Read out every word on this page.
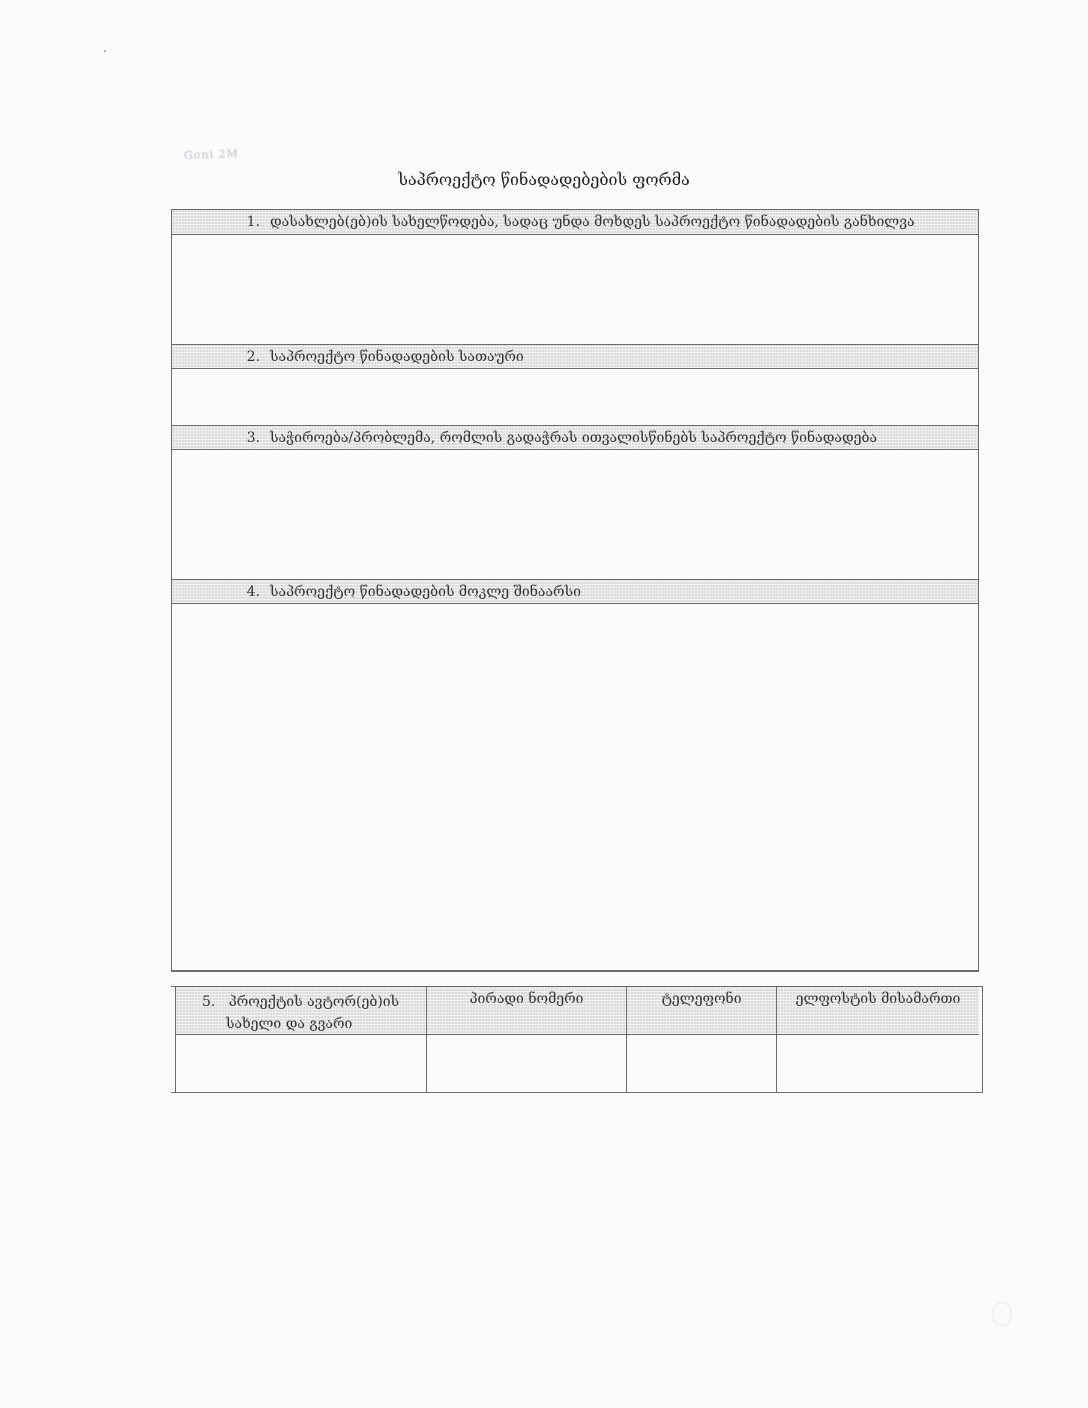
Goni 2M
საპროექტო წინადადებების ფორმა
1. დასახლებ(ებ)ის სახელწოდება, სადაც უნდა მოხდეს საპროექტო წინადადების განხილვა
2. საპროექტო წინადადების სათაური
3. საჭიროება/პრობლემა, რომლის გადაჭრას ითვალისწინებს საპროექტო წინადადება
4. საპროექტო წინადადების მოკლე შინაარსი
5. პროექტის ავტორ(ებ)ის
სახელი და გვარი
პირადი ნომერი	ტელეფონი	ელფოსტის მისამართი
